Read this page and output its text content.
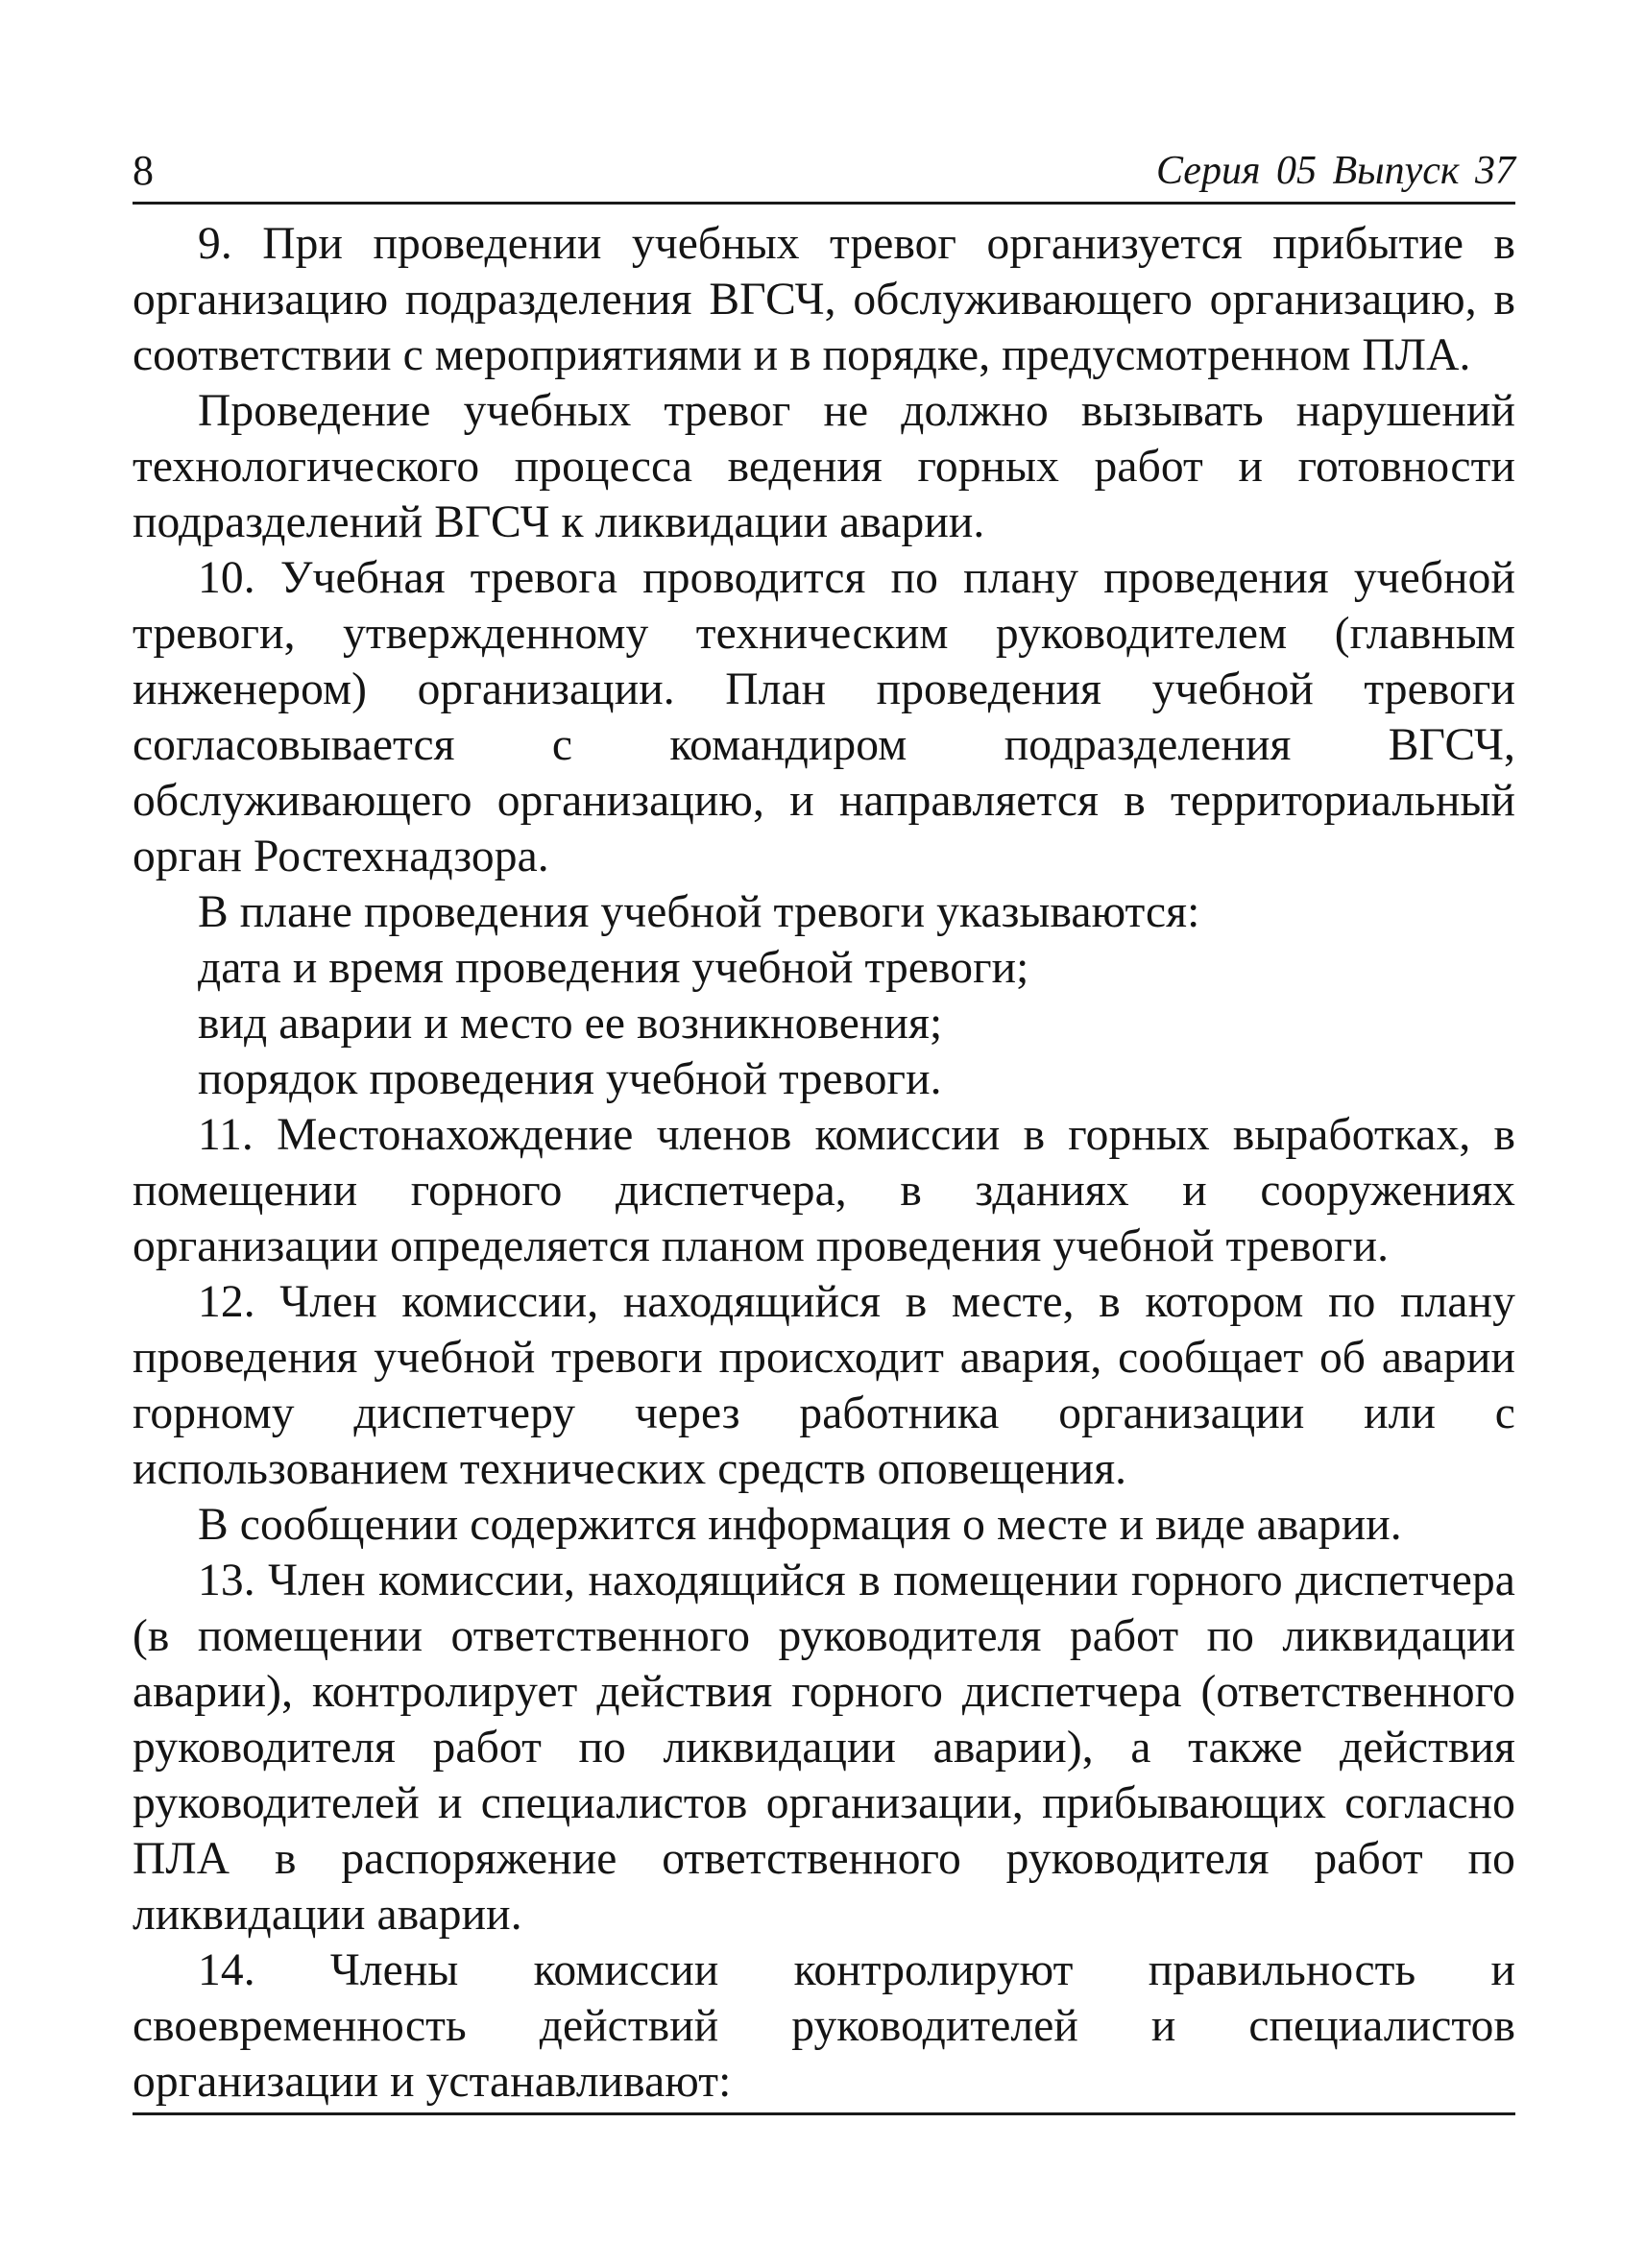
8	Серия 05 Выпуск 37

9. При проведении учебных тревог организуется прибытие в организацию подразделения ВГСЧ, обслуживающего организацию, в соответствии с мероприятиями и в порядке, предусмотренном ПЛА.

Проведение учебных тревог не должно вызывать нарушений технологического процесса ведения горных работ и готовности подразделений ВГСЧ к ликвидации аварии.

10. Учебная тревога проводится по плану проведения учебной тревоги, утвержденному техническим руководителем (главным инженером) организации. План проведения учебной тревоги согласовывается с командиром подразделения ВГСЧ, обслуживающего организацию, и направляется в территориальный орган Ростехнадзора.

В плане проведения учебной тревоги указываются:

дата и время проведения учебной тревоги;

вид аварии и место ее возникновения;

порядок проведения учебной тревоги.

11. Местонахождение членов комиссии в горных выработках, в помещении горного диспетчера, в зданиях и сооружениях организации определяется планом проведения учебной тревоги.

12. Член комиссии, находящийся в месте, в котором по плану проведения учебной тревоги происходит авария, сообщает об аварии горному диспетчеру через работника организации или с использованием технических средств оповещения.

В сообщении содержится информация о месте и виде аварии.

13. Член комиссии, находящийся в помещении горного диспетчера (в помещении ответственного руководителя работ по ликвидации аварии), контролирует действия горного диспетчера (ответственного руководителя работ по ликвидации аварии), а также действия руководителей и специалистов организации, прибывающих согласно ПЛА в распоряжение ответственного руководителя работ по ликвидации аварии.

14. Члены комиссии контролируют правильность и своевременность действий руководителей и специалистов организации и устанавливают:
